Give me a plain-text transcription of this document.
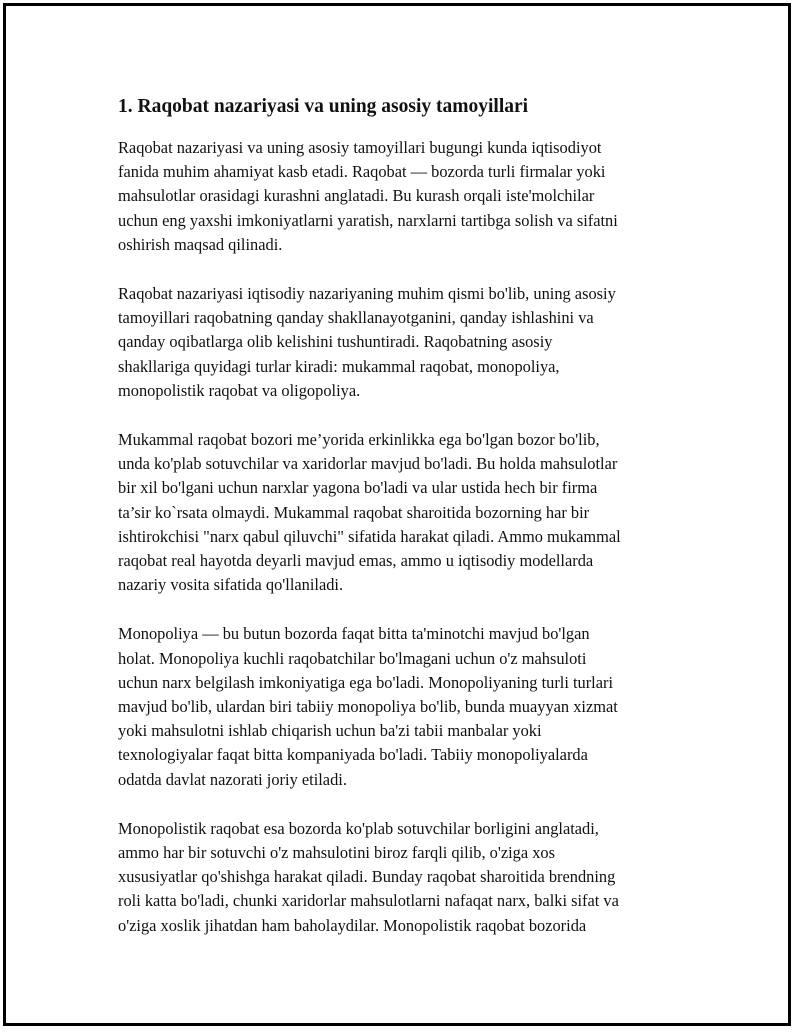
1. Raqobat nazariyasi va uning asosiy tamoyillari
Raqobat nazariyasi va uning asosiy tamoyillari bugungi kunda iqtisodiyot
fanida muhim ahamiyat kasb etadi. Raqobat — bozorda turli firmalar yoki
mahsulotlar orasidagi kurashni anglatadi. Bu kurash orqali iste'molchilar
uchun eng yaxshi imkoniyatlarni yaratish, narxlarni tartibga solish va sifatni
oshirish maqsad qilinadi.
Raqobat nazariyasi iqtisodiy nazariyaning muhim qismi bo'lib, uning asosiy
tamoyillari raqobatning qanday shakllanayotganini, qanday ishlashini va
qanday oqibatlarga olib kelishini tushuntiradi. Raqobatning asosiy
shakllariga quyidagi turlar kiradi: mukammal raqobat, monopoliya,
monopolistik raqobat va oligopoliya.
Mukammal raqobat bozori me’yorida erkinlikka ega bo'lgan bozor bo'lib,
unda ko'plab sotuvchilar va xaridorlar mavjud bo'ladi. Bu holda mahsulotlar
bir xil bo'lgani uchun narxlar yagona bo'ladi va ular ustida hech bir firma
ta’sir ko`rsata olmaydi. Mukammal raqobat sharoitida bozorning har bir
ishtirokchisi "narx qabul qiluvchi" sifatida harakat qiladi. Ammo mukammal
raqobat real hayotda deyarli mavjud emas, ammo u iqtisodiy modellarda
nazariy vosita sifatida qo'llaniladi.
Monopoliya — bu butun bozorda faqat bitta ta'minotchi mavjud bo'lgan
holat. Monopoliya kuchli raqobatchilar bo'lmagani uchun o'z mahsuloti
uchun narx belgilash imkoniyatiga ega bo'ladi. Monopoliyaning turli turlari
mavjud bo'lib, ulardan biri tabiiy monopoliya bo'lib, bunda muayyan xizmat
yoki mahsulotni ishlab chiqarish uchun ba'zi tabii manbalar yoki
texnologiyalar faqat bitta kompaniyada bo'ladi. Tabiiy monopoliyalarda
odatda davlat nazorati joriy etiladi.
Monopolistik raqobat esa bozorda ko'plab sotuvchilar borligini anglatadi,
ammo har bir sotuvchi o'z mahsulotini biroz farqli qilib, o'ziga xos
xususiyatlar qo'shishga harakat qiladi. Bunday raqobat sharoitida brendning
roli katta bo'ladi, chunki xaridorlar mahsulotlarni nafaqat narx, balki sifat va
o'ziga xoslik jihatdan ham baholaydilar. Monopolistik raqobat bozorida
